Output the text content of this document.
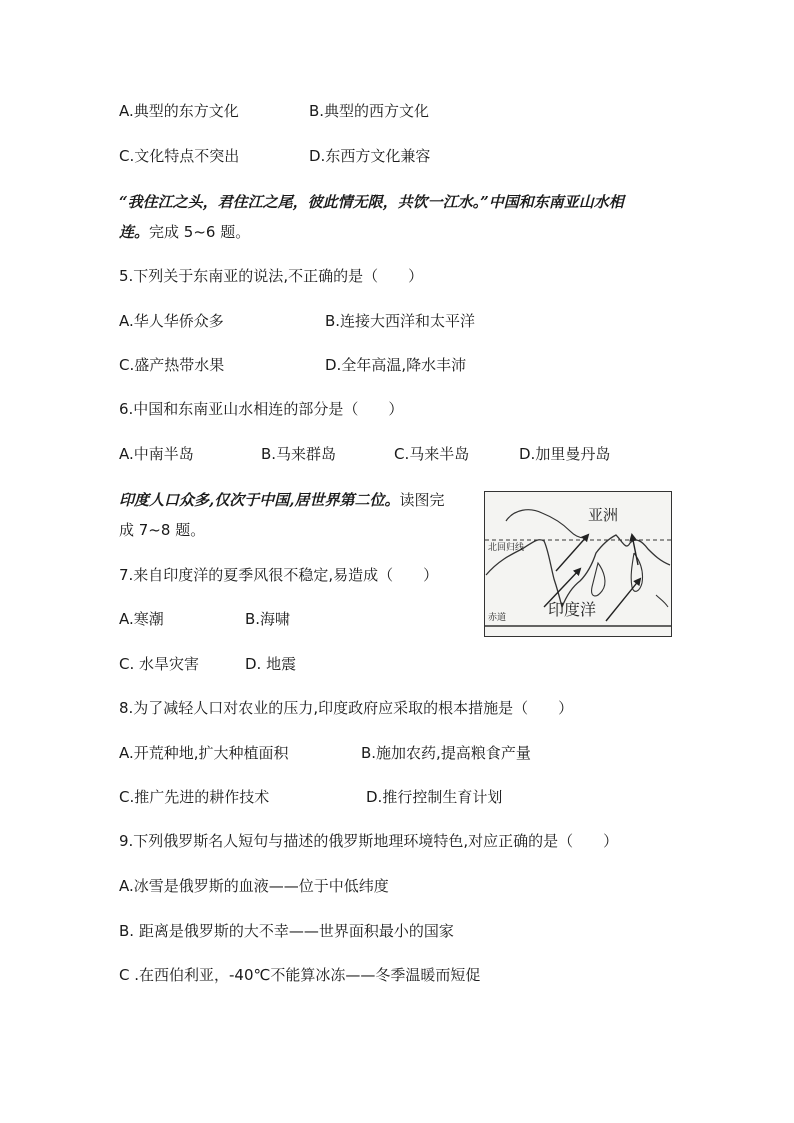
A.典型的东方文化	B.典型的西方文化
C.文化特点不突出	D.东西方文化兼容
“我住江之头，君住江之尾，彼此情无限，共饮一江水。”中国和东南亚山水相
连。完成 5~6 题。
5.下列关于东南亚的说法,不正确的是（　　）
A.华人华侨众多	B.连接大西洋和太平洋
C.盛产热带水果	D.全年高温,降水丰沛
6.中国和东南亚山水相连的部分是（　　）
A.中南半岛	B.马来群岛	C.马来半岛	D.加里曼丹岛
印度人口众多,仅次于中国,居世界第二位。读图完
成 7~8 题。
亚洲
北回归线
印度洋
赤道
7.来自印度洋的夏季风很不稳定,易造成（　　）
A.寒潮	B.海啸
C. 水旱灾害	D. 地震
8.为了减轻人口对农业的压力,印度政府应采取的根本措施是（　　）
A.开荒种地,扩大种植面积	B.施加农药,提高粮食产量
C.推广先进的耕作技术	D.推行控制生育计划
9.下列俄罗斯名人短句与描述的俄罗斯地理环境特色,对应正确的是（　　）
A.冰雪是俄罗斯的血液——位于中低纬度
B. 距离是俄罗斯的大不幸——世界面积最小的国家
C .在西伯利亚，-40℃不能算冰冻——冬季温暖而短促
